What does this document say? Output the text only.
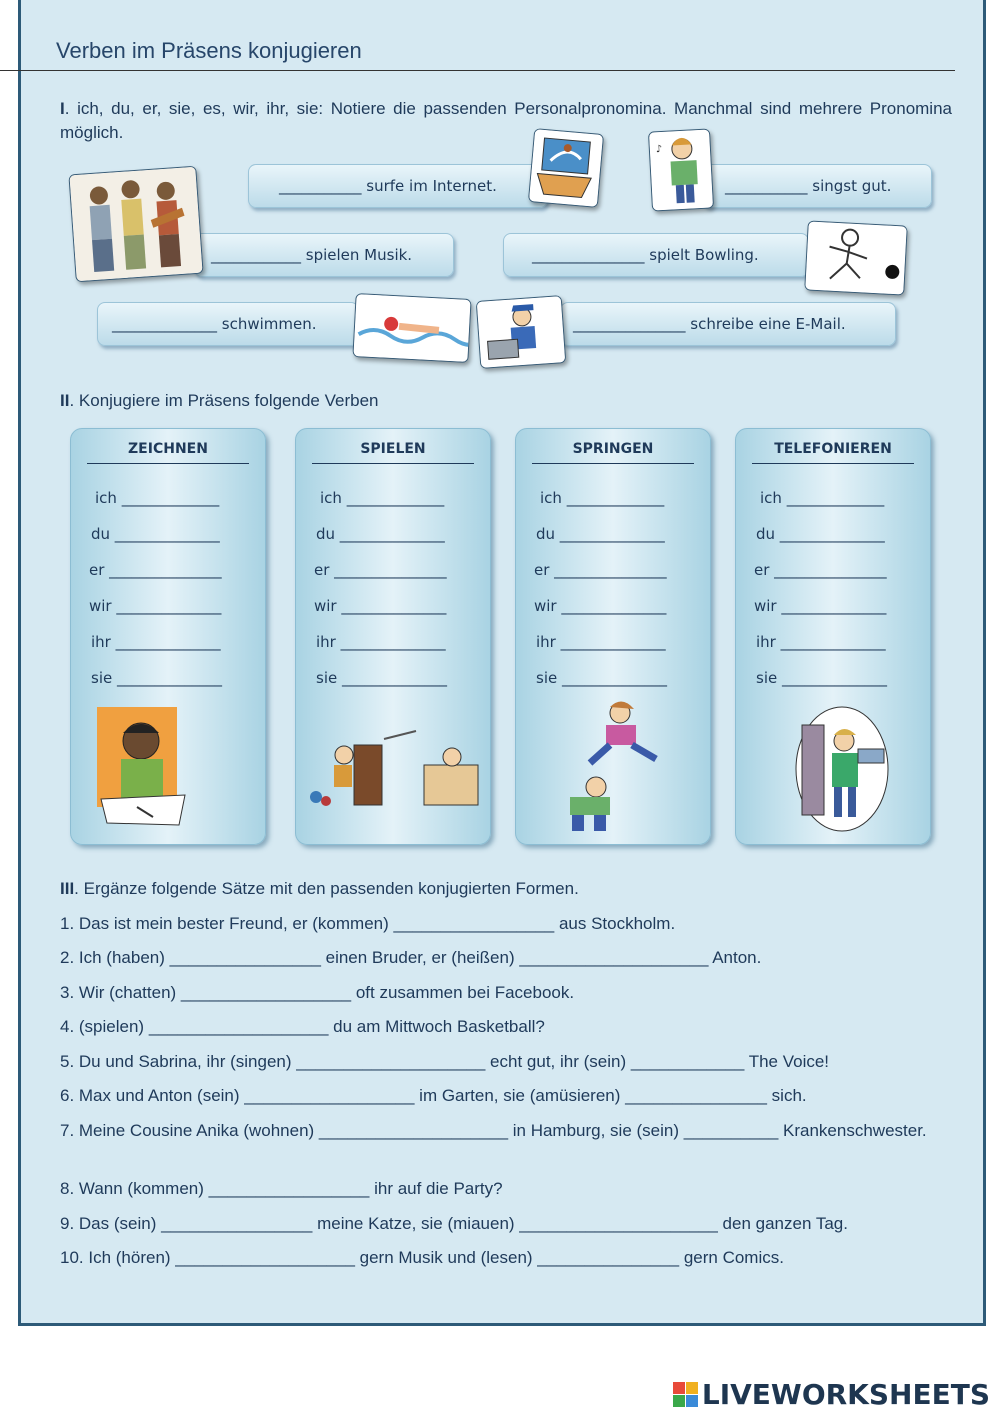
Verben im Präsens konjugieren
I. ich, du, er, sie, es, wir, ihr, sie: Notiere die passenden Personalpronomina. Manchmal sind mehrere Pronomina möglich.
___________
surfe im Internet.	___________
singst gut.
____________
spielen Musik.	_______________
spielt Bowling.
______________
schwimmen.	_______________
schreibe eine E-Mail.
♪
II. Konjugiere im Präsens folgende Verben
ZEICHNEN
ich _____________
du ______________
er _______________
wir ______________
ihr ______________
sie ______________
SPIELEN
ich _____________
du ______________
er _______________
wir ______________
ihr ______________
sie ______________
SPRINGEN
ich _____________
du ______________
er _______________
wir ______________
ihr ______________
sie ______________
TELEFONIEREN
ich _____________
du ______________
er _______________
wir ______________
ihr ______________
sie ______________
III. Ergänze folgende Sätze mit den passenden konjugierten Formen.
1. Das ist mein bester Freund, er (kommen) _________________ aus Stockholm.
2. Ich (haben) ________________ einen Bruder, er (heißen) ____________________ Anton.
3. Wir (chatten) __________________ oft zusammen bei Facebook.
4. (spielen) ___________________ du am Mittwoch Basketball?
5. Du und Sabrina, ihr (singen) ____________________ echt gut, ihr (sein) ____________ The Voice!
6. Max und Anton (sein) __________________ im Garten, sie (amüsieren) _______________ sich.
7. Meine Cousine Anika (wohnen) ____________________ in Hamburg, sie (sein) __________ Krankenschwester.
8. Wann (kommen) _________________ ihr auf die Party?
9. Das (sein) ________________ meine Katze, sie (miauen) _____________________ den ganzen Tag.
10. Ich (hören) ___________________ gern Musik und (lesen) _______________ gern Comics.
LIVEWORKSHEETS
